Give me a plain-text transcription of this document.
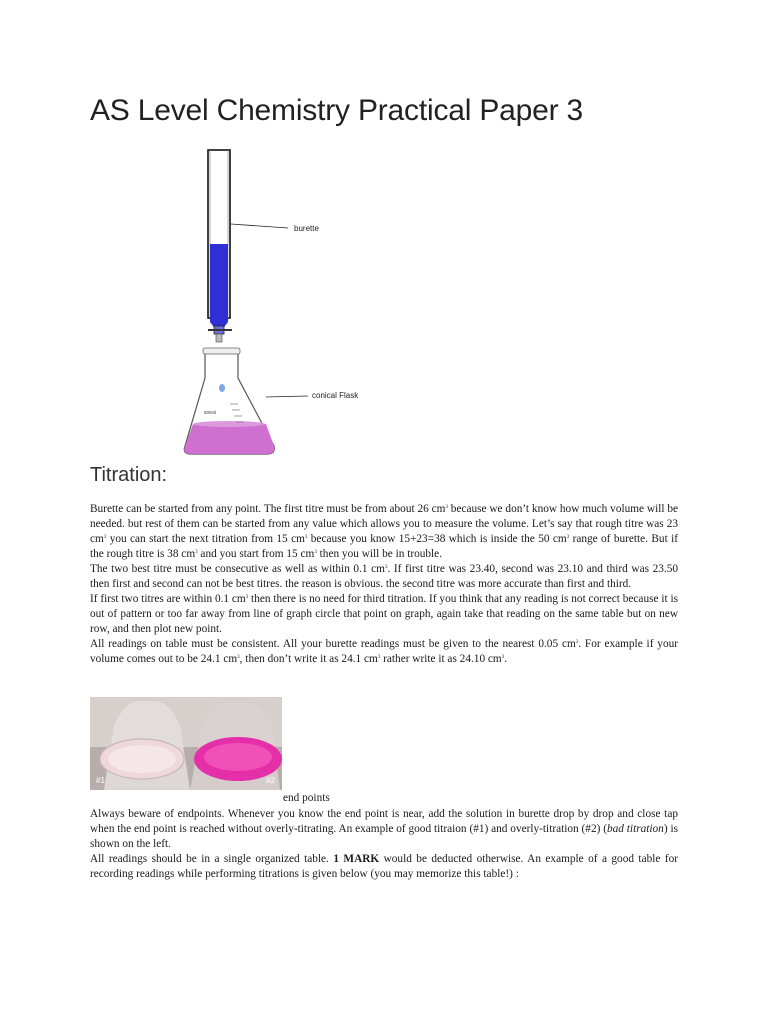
AS Level Chemistry Practical Paper 3
burette
500ml
conical Flask
Titration:

Burette can be started from any point. The first titre must be from about 26 $cm^3$ because we don’t know how much volume will be needed. but rest of them can be started from any value which allows you to measure the volume. Let’s say that rough titre was 23 $cm^3$ you can start the next titration from 15 $cm^3$ because you know 15+23=38 which is inside the 50 $cm^3$ range of burette. But if the rough titre is 38 $cm^3$ and you start from 15 $cm^3$ then you will be in trouble.

The two best titre must be consecutive as well as within 0.1 $cm^3$. If first titre was 23.40, second was 23.10 and third was 23.50 then first and second can not be best titres. the reason is obvious. the second titre was more accurate than first and third.

If first two titres are within 0.1 $cm^3$ then there is no need for third titration. If you think that any reading is not correct because it is out of pattern or too far away from line of graph circle that point on graph, again take that reading on the same table but on new row, and then plot new point.

All readings on table must be consistent. All your burette readings must be given to the nearest 0.05 $cm^3$. For example if your volume comes out to be 24.1 $cm^3$, then don’t write it as 24.1 $cm^3$ rather write it as 24.10 $cm^3$.

#1	#2
end points

Always beware of endpoints. Whenever you know the end point is near, add the solution in burette drop by drop and close tap when the end point is reached without overly-titrating. An example of good titraion (#1) and overly-titration (#2) (bad titration) is shown on the left.

All readings should be in a single organized table. 1 MARK would be deducted otherwise. An example of a good table for recording readings while performing titrations is given below (you may memorize this table!) :
